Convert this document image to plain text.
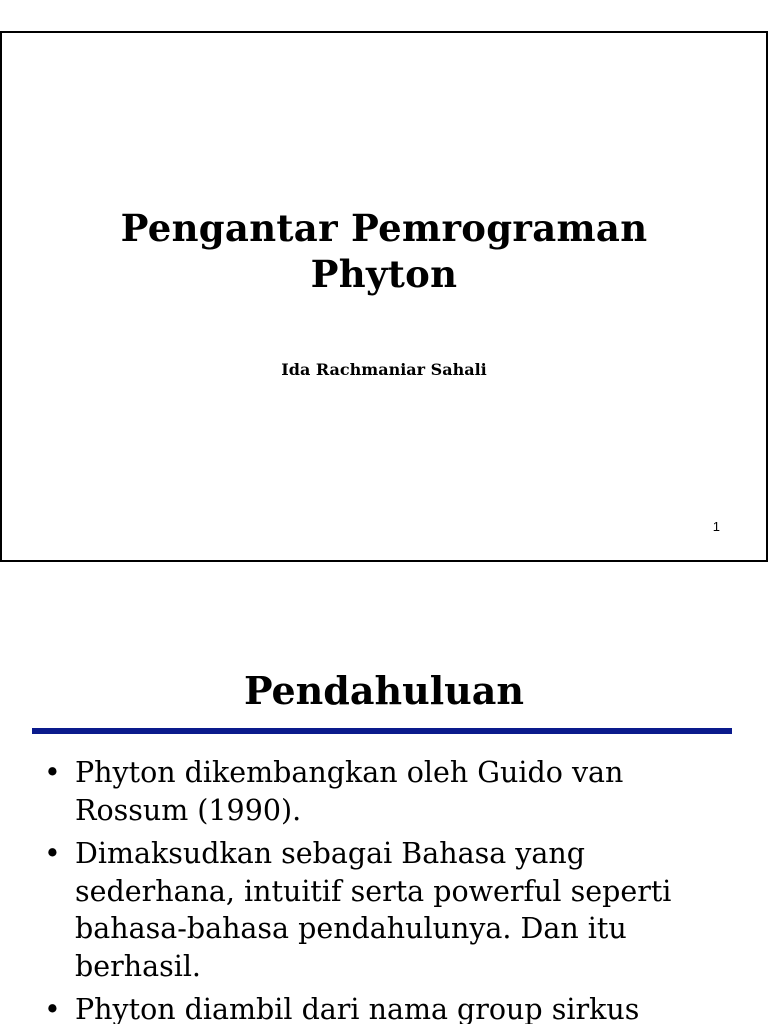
Pengantar Pemrograman
Phyton
Ida Rachmaniar Sahali
1
Pendahuluan
• Phyton dikembangkan oleh Guido van
Rossum (1990).
• Dimaksudkan sebagai Bahasa yang
sederhana, intuitif serta powerful seperti
bahasa-bahasa pendahulunya. Dan itu
berhasil.
• Phyton diambil dari nama group sirkus
